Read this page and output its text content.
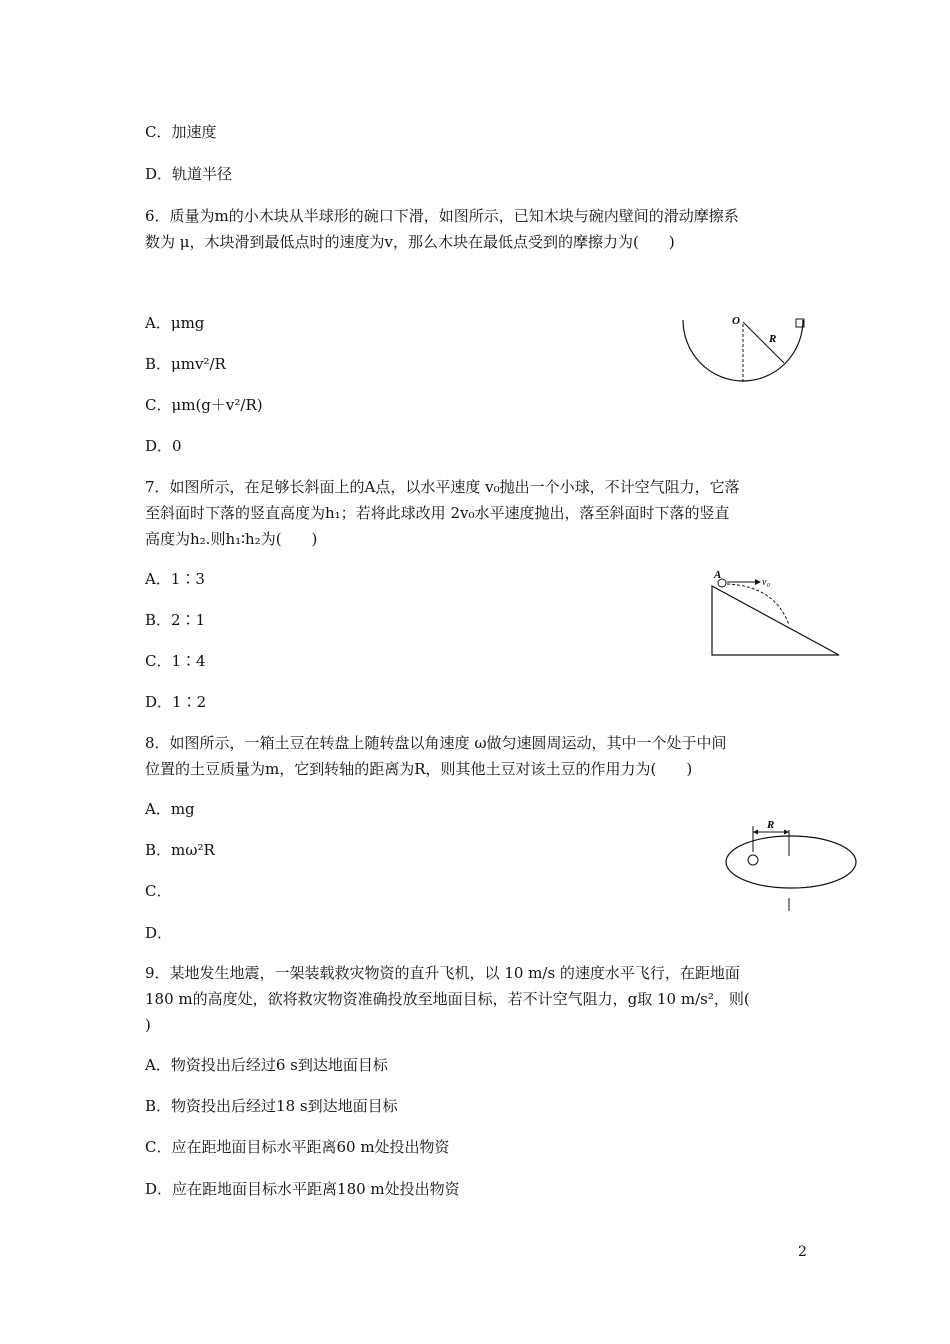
C．加速度
D．轨道半径
6．质量为m的小木块从半球形的碗口下滑，如图所示，已知木块与碗内壁间的滑动摩擦系
数为 μ，木块滑到最低点时的速度为v，那么木块在最低点受到的摩擦力为(　　)
A．μmg
B．μmv²/R
C．μm(g＋v²/R)
D．0
O
R
7．如图所示，在足够长斜面上的A点，以水平速度 v₀抛出一个小球，不计空气阻力，它落
至斜面时下落的竖直高度为h₁；若将此球改用 2v₀水平速度抛出，落至斜面时下落的竖直
高度为h₂.则h₁∶h₂为(　　)
A．1∶3
B．2∶1
C．1∶4
D．1∶2
A
v₀
8．如图所示，一箱土豆在转盘上随转盘以角速度 ω做匀速圆周运动，其中一个处于中间
位置的土豆质量为m，它到转轴的距离为R，则其他土豆对该土豆的作用力为(　　)
A．mg
B．mω²R
C．
D．
R
9．某地发生地震，一架装载救灾物资的直升飞机，以 10 m/s 的速度水平飞行，在距地面
180 m的高度处，欲将救灾物资准确投放至地面目标，若不计空气阻力，g取 10 m/s²，则(
)
A．物资投出后经过6 s到达地面目标
B．物资投出后经过18 s到达地面目标
C．应在距地面目标水平距离60 m处投出物资
D．应在距地面目标水平距离180 m处投出物资
2
